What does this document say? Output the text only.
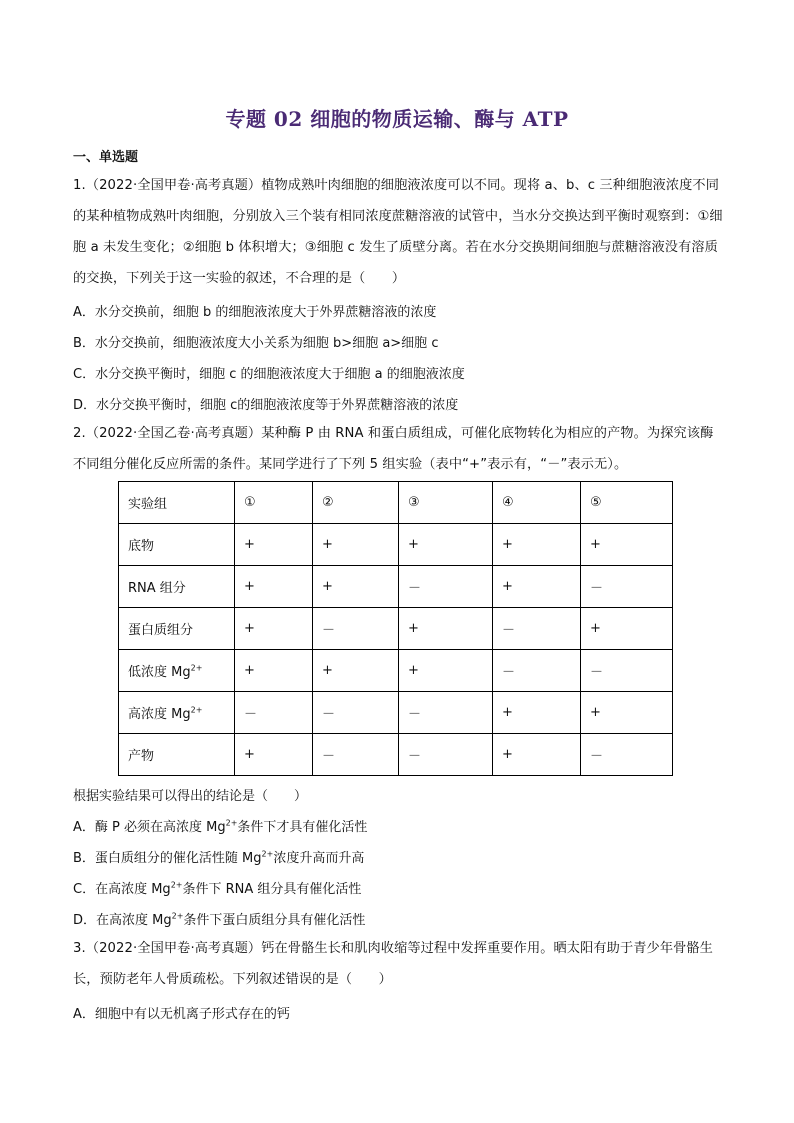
专题 02 细胞的物质运输、酶与 ATP
一、单选题
1.（2022·全国甲卷·高考真题）植物成熟叶肉细胞的细胞液浓度可以不同。现将 a、b、c 三种细胞液浓度不同的某种植物成熟叶肉细胞，分别放入三个装有相同浓度蔗糖溶液的试管中，当水分交换达到平衡时观察到：①细胞 a 未发生变化；②细胞 b 体积增大；③细胞 c 发生了质壁分离。若在水分交换期间细胞与蔗糖溶液没有溶质的交换，下列关于这一实验的叙述，不合理的是（　　）
A．水分交换前，细胞 b 的细胞液浓度大于外界蔗糖溶液的浓度
B．水分交换前，细胞液浓度大小关系为细胞 b>细胞 a>细胞 c
C．水分交换平衡时，细胞 c 的细胞液浓度大于细胞 a 的细胞液浓度
D．水分交换平衡时，细胞 c的细胞液浓度等于外界蔗糖溶液的浓度
2.（2022·全国乙卷·高考真题）某种酶 P 由 RNA 和蛋白质组成，可催化底物转化为相应的产物。为探究该酶不同组分催化反应所需的条件。某同学进行了下列 5 组实验（表中“+”表示有，“－”表示无）。
实验组	①	②	③	④	⑤
底物	+	+	+	+	+
RNA 组分	+	+	－	+	－
蛋白质组分	+	－	+	－	+
低浓度 $Mg^{2+}$	+	+	+	－	－
高浓度 $Mg^{2+}$	－	－	－	+	+
产物	+	－	－	+	－
根据实验结果可以得出的结论是（　　）
A．酶 P 必须在高浓度 $Mg^{2+}$条件下才具有催化活性
B．蛋白质组分的催化活性随 $Mg^{2+}$浓度升高而升高
C．在高浓度 $Mg^{2+}$条件下 RNA 组分具有催化活性
D．在高浓度 $Mg^{2+}$条件下蛋白质组分具有催化活性
3.（2022·全国甲卷·高考真题）钙在骨骼生长和肌肉收缩等过程中发挥重要作用。晒太阳有助于青少年骨骼生长，预防老年人骨质疏松。下列叙述错误的是（　　）
A．细胞中有以无机离子形式存在的钙
